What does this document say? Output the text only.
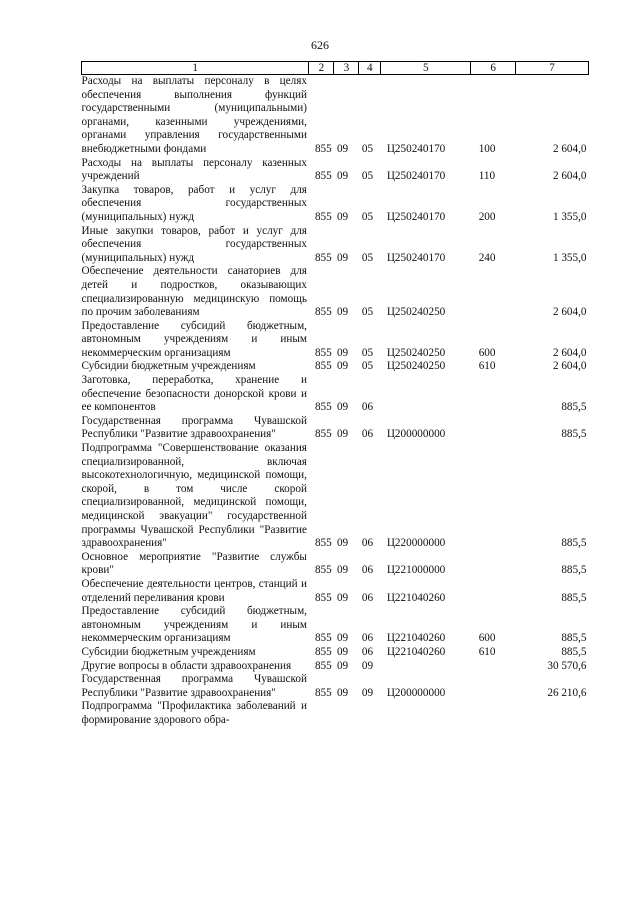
626
1	2	3	4	5	6	7

Расходы на выплаты персоналу в целях обеспечения выполнения функций государственными (муниципальными) органами, казенными учреждениями, органами управления государственными внебюджетными фондами	855	09	05	Ц250240170	100	2 604,0

Расходы на выплаты персоналу казенных учреждений	855	09	05	Ц250240170	110	2 604,0

Закупка товаров, работ и услуг для обеспечения государственных (муниципальных) нужд	855	09	05	Ц250240170	200	1 355,0

Иные закупки товаров, работ и услуг для обеспечения государственных (муниципальных) нужд	855	09	05	Ц250240170	240	1 355,0

Обеспечение деятельности санаториев для детей и подростков, оказывающих специализированную медицинскую помощь по прочим заболеваниям	855	09	05	Ц250240250		2 604,0

Предоставление субсидий бюджетным, автономным учреждениям и иным некоммерческим организациям	855	09	05	Ц250240250	600	2 604,0

Субсидии бюджетным учреждениям	855	09	05	Ц250240250	610	2 604,0

Заготовка, переработка, хранение и обеспечение безопасности донорской крови и ее компонентов	855	09	06			885,5

Государственная программа Чувашской Республики "Развитие здравоохранения"	855	09	06	Ц200000000		885,5

Подпрограмма "Совершенствование оказания специализированной, включая высокотехнологичную, медицинской помощи, скорой, в том числе скорой специализированной, медицинской помощи, медицинской эвакуации" государственной программы Чувашской Республики "Развитие здравоохранения"	855	09	06	Ц220000000		885,5

Основное мероприятие "Развитие службы крови"	855	09	06	Ц221000000		885,5

Обеспечение деятельности центров, станций и отделений переливания крови	855	09	06	Ц221040260		885,5

Предоставление субсидий бюджетным, автономным учреждениям и иным некоммерческим организациям	855	09	06	Ц221040260	600	885,5

Субсидии бюджетным учреждениям	855	09	06	Ц221040260	610	885,5

Другие вопросы в области здравоохранения	855	09	09			30 570,6

Государственная программа Чувашской Республики "Развитие здравоохранения"	855	09	09	Ц200000000		26 210,6

Подпрограмма "Профилактика заболеваний и формирование здорового обра-						
